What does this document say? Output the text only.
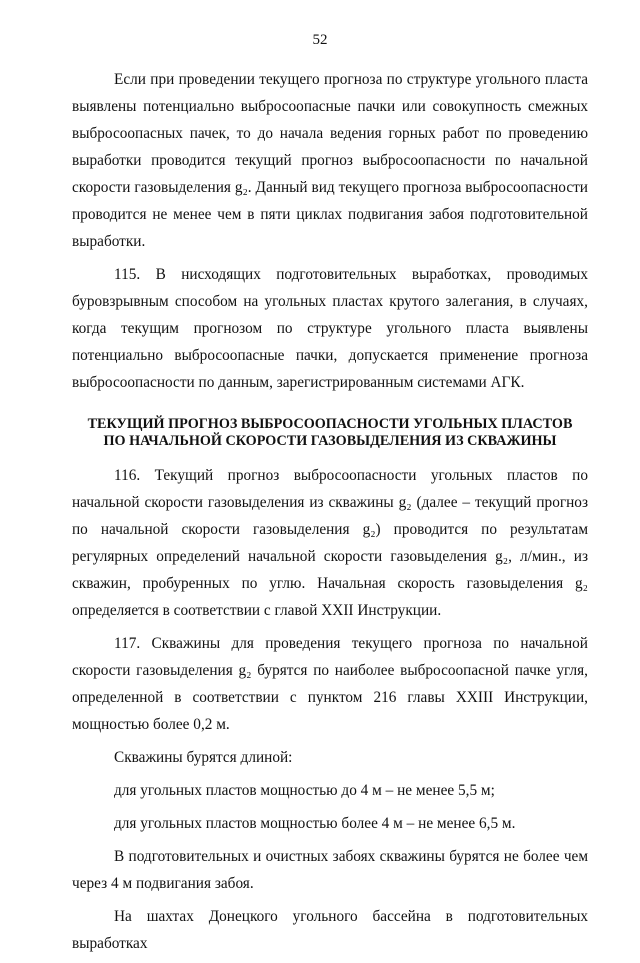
52

Если при проведении текущего прогноза по структуре угольного пласта выявлены потенциально выбросоопасные пачки или совокупность смежных выбросоопасных пачек, то до начала ведения горных работ по проведению выработки проводится текущий прогноз выбросоопасности по начальной скорости газовыделения g₂. Данный вид текущего прогноза выбросоопасности проводится не менее чем в пяти циклах подвигания забоя подготовительной выработки.

115. В нисходящих подготовительных выработках, проводимых буровзрывным способом на угольных пластах крутого залегания, в случаях, когда текущим прогнозом по структуре угольного пласта выявлены потенциально выбросоопасные пачки, допускается применение прогноза выбросоопасности по данным, зарегистрированным системами АГК.

ТЕКУЩИЙ ПРОГНОЗ ВЫБРОСООПАСНОСТИ УГОЛЬНЫХ ПЛАСТОВ
ПО НАЧАЛЬНОЙ СКОРОСТИ ГАЗОВЫДЕЛЕНИЯ ИЗ СКВАЖИНЫ

116. Текущий прогноз выбросоопасности угольных пластов по начальной скорости газовыделения из скважины g₂ (далее – текущий прогноз по начальной скорости газовыделения g₂) проводится по результатам регулярных определений начальной скорости газовыделения g₂, л/мин., из скважин, пробуренных по углю. Начальная скорость газовыделения g₂ определяется в соответствии с главой XXII Инструкции.

117. Скважины для проведения текущего прогноза по начальной скорости газовыделения g₂ бурятся по наиболее выбросоопасной пачке угля, определенной в соответствии с пунктом 216 главы XXIII Инструкции, мощностью более 0,2 м.

Скважины бурятся длиной:

для угольных пластов мощностью до 4 м – не менее 5,5 м;

для угольных пластов мощностью более 4 м – не менее 6,5 м.

В подготовительных и очистных забоях скважины бурятся не более чем через 4 м подвигания забоя.

На шахтах Донецкого угольного бассейна в подготовительных выработках
